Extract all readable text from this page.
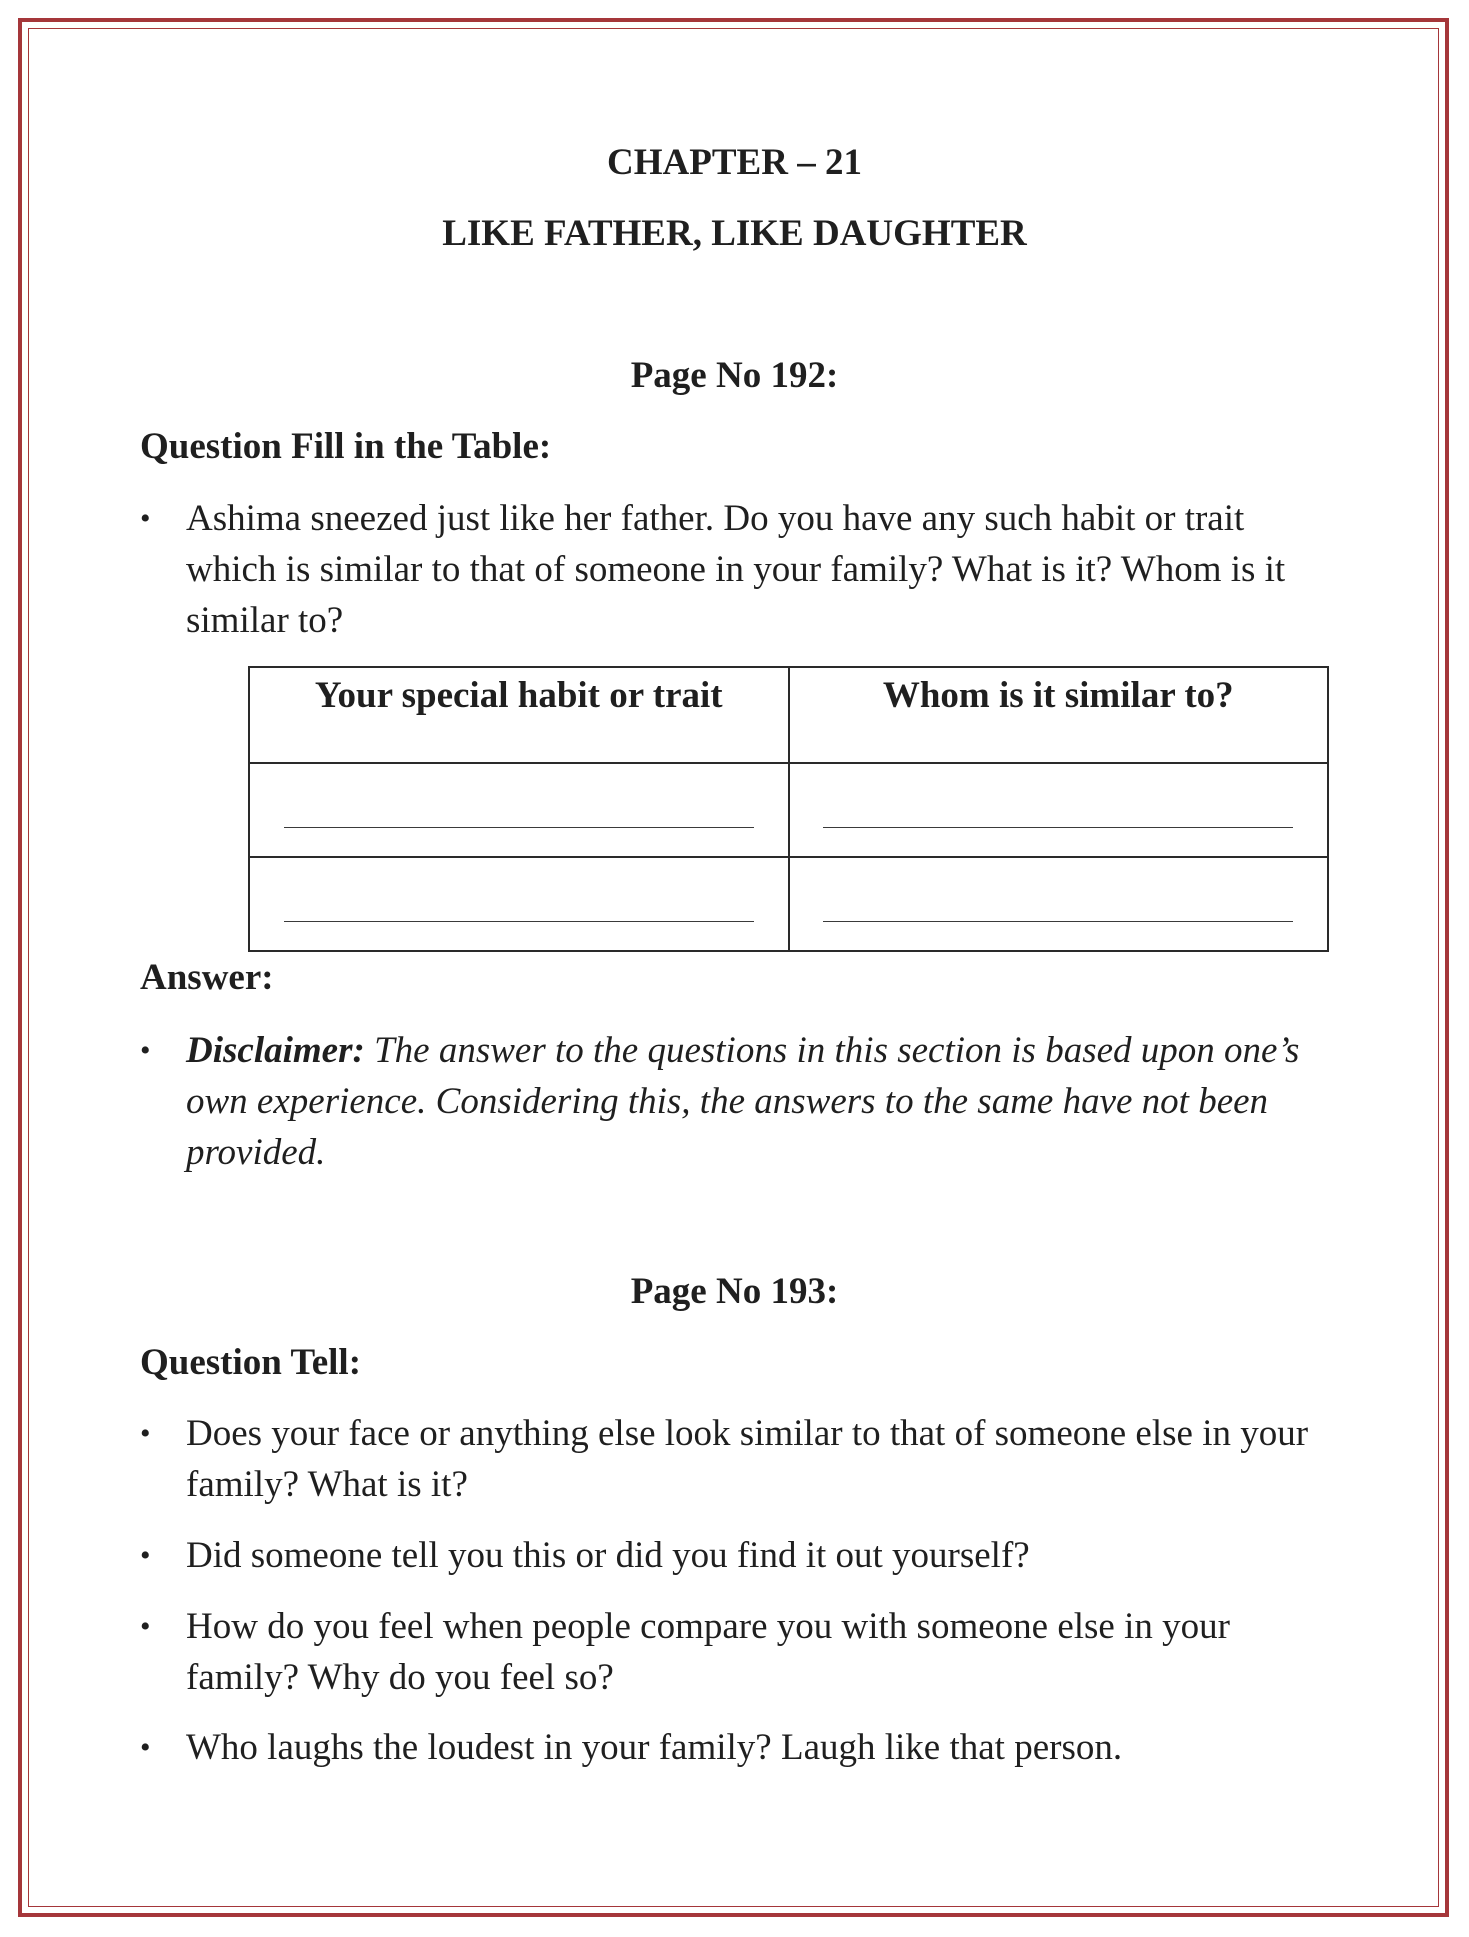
CHAPTER – 21
LIKE FATHER, LIKE DAUGHTER
Page No 192:
Question Fill in the Table:
• Ashima sneezed just like her father. Do you have any such habit or trait which is similar to that of someone in your family? What is it? Whom is it similar to?
Answer:
• Disclaimer: The answer to the questions in this section is based upon one’s own experience. Considering this, the answers to the same have not been provided.
Page No 193:
Question Tell:
• Does your face or anything else look similar to that of someone else in your family? What is it?
• Did someone tell you this or did you find it out yourself?
• How do you feel when people compare you with someone else in your family? Why do you feel so?
• Who laughs the loudest in your family? Laugh like that person.
Your special habit or trait	Whom is it similar to?
